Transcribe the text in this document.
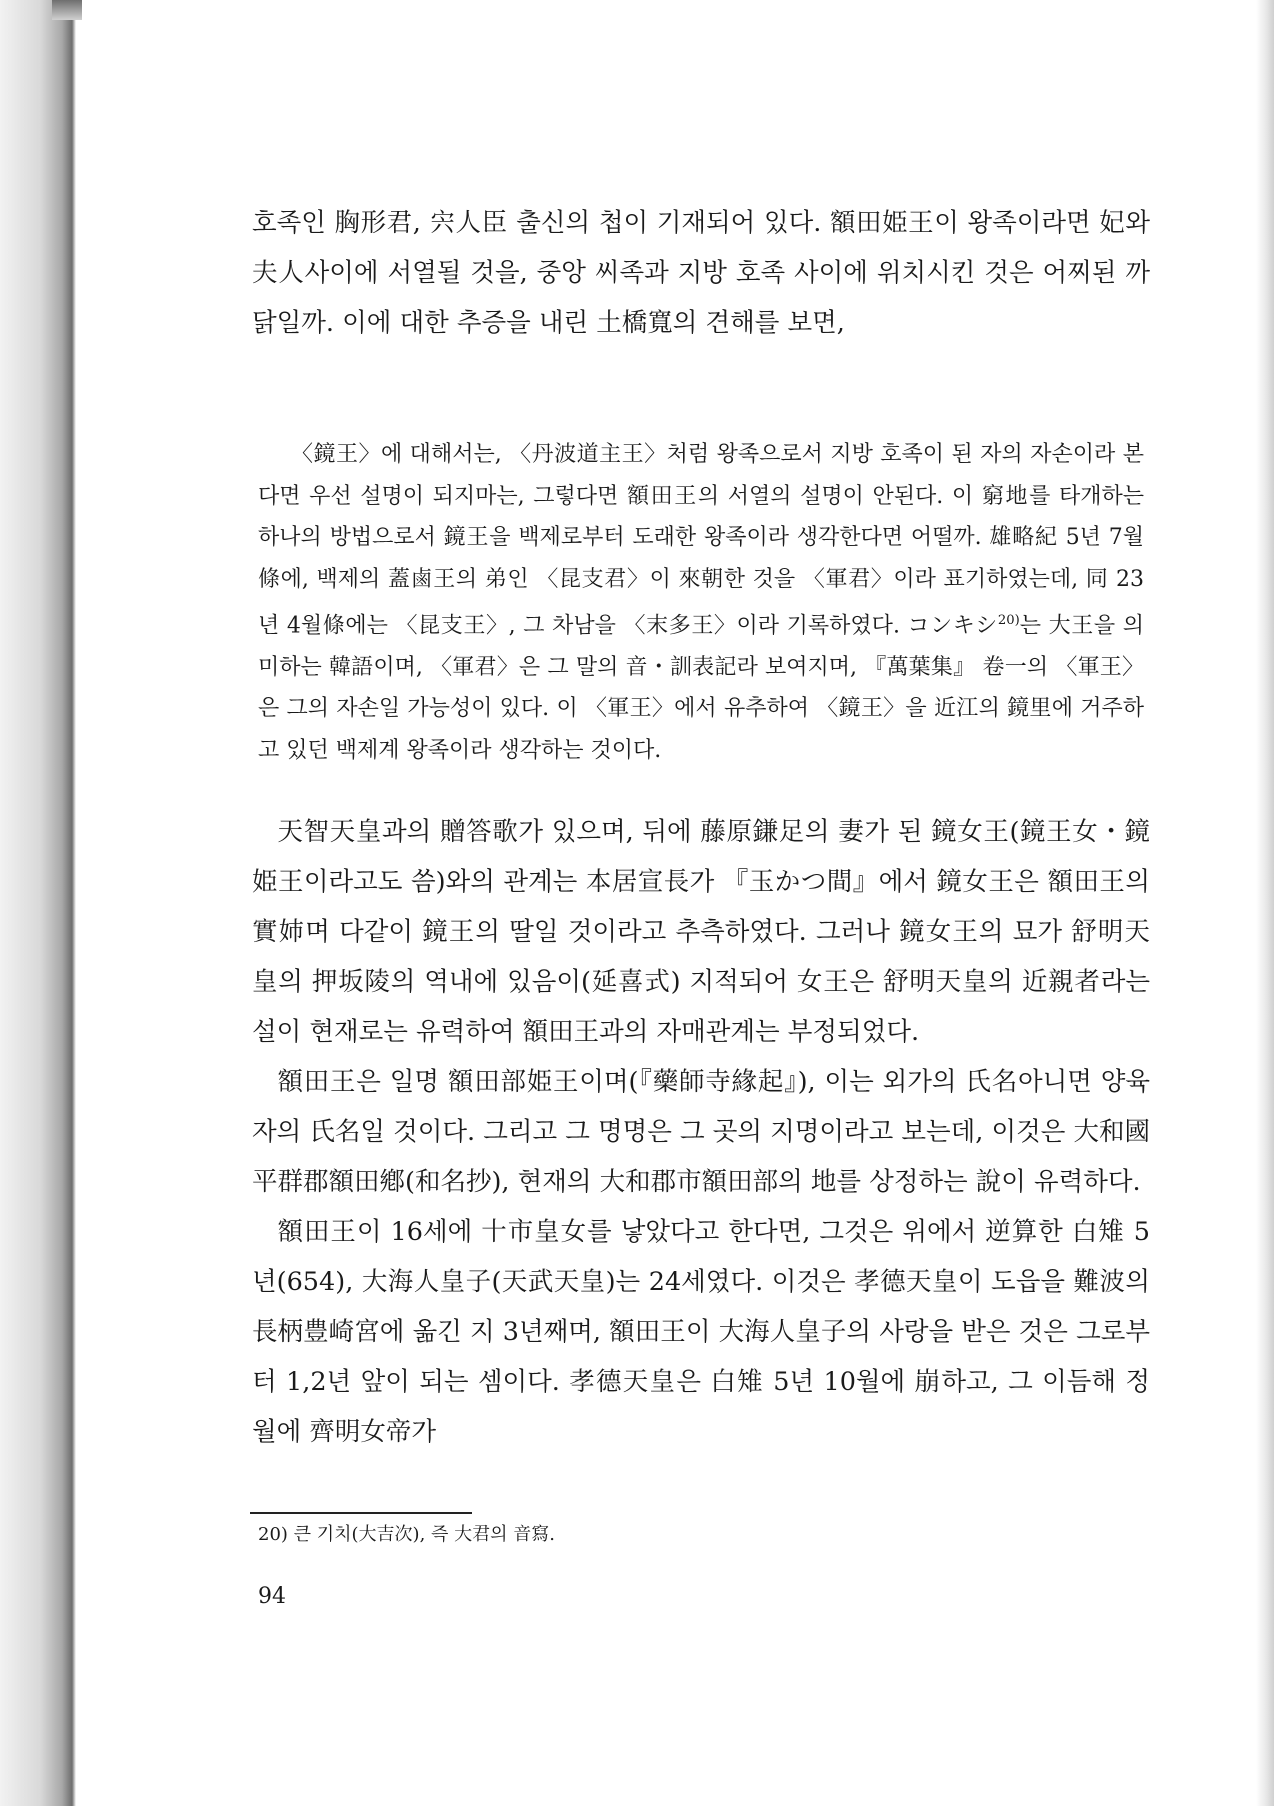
호족인 胸形君, 宍人臣 출신의 첩이 기재되어 있다. 額田姫王이 왕족이라면 妃와 夫人사이에 서열될 것을, 중앙 씨족과 지방 호족 사이에 위치시킨 것은 어찌된 까닭일까. 이에 대한 추증을 내린 土橋寬의 견해를 보면,

〈鏡王〉에 대해서는, 〈丹波道主王〉처럼 왕족으로서 지방 호족이 된 자의 자손이라 본다면 우선 설명이 되지마는, 그렇다면 額田王의 서열의 설명이 안된다. 이 窮地를 타개하는 하나의 방법으로서 鏡王을 백제로부터 도래한 왕족이라 생각한다면 어떨까. 雄略紀 5년 7월條에, 백제의 蓋鹵王의 弟인 〈昆支君〉이 來朝한 것을 〈軍君〉이라 표기하였는데, 同 23년 4월條에는 〈昆支王〉, 그 차남을 〈末多王〉이라 기록하였다. コンキシ$^{20)}$는 大王을 의미하는 韓語이며, 〈軍君〉은 그 말의 音・訓表記라 보여지며, 『萬葉集』 卷一의 〈軍王〉은 그의 자손일 가능성이 있다. 이 〈軍王〉에서 유추하여 〈鏡王〉을 近江의 鏡里에 거주하고 있던 백제계 왕족이라 생각하는 것이다.

天智天皇과의 贈答歌가 있으며, 뒤에 藤原鎌足의 妻가 된 鏡女王(鏡王女・鏡姫王이라고도 씀)와의 관계는 本居宣長가 『玉かつ間』에서 鏡女王은 額田王의 實姉며 다같이 鏡王의 딸일 것이라고 추측하였다. 그러나 鏡女王의 묘가 舒明天皇의 押坂陵의 역내에 있음이(延喜式) 지적되어 女王은 舒明天皇의 近親者라는 설이 현재로는 유력하여 額田王과의 자매관계는 부정되었다.

額田王은 일명 額田部姫王이며(『藥師寺緣起』), 이는 외가의 氏名아니면 양육자의 氏名일 것이다. 그리고 그 명명은 그 곳의 지명이라고 보는데, 이것은 大和國平群郡額田鄕(和名抄), 현재의 大和郡市額田部의 地를 상정하는 說이 유력하다.

額田王이 16세에 十市皇女를 낳았다고 한다면, 그것은 위에서 逆算한 白雉 5년(654), 大海人皇子(天武天皇)는 24세였다. 이것은 孝德天皇이 도읍을 難波의 長柄豊崎宮에 옮긴 지 3년째며, 額田王이 大海人皇子의 사랑을 받은 것은 그로부터 1,2년 앞이 되는 셈이다. 孝德天皇은 白雉 5년 10월에 崩하고, 그 이듬해 정월에 齊明女帝가

20) 큰 기치(大吉次), 즉 大君의 音寫.
94
